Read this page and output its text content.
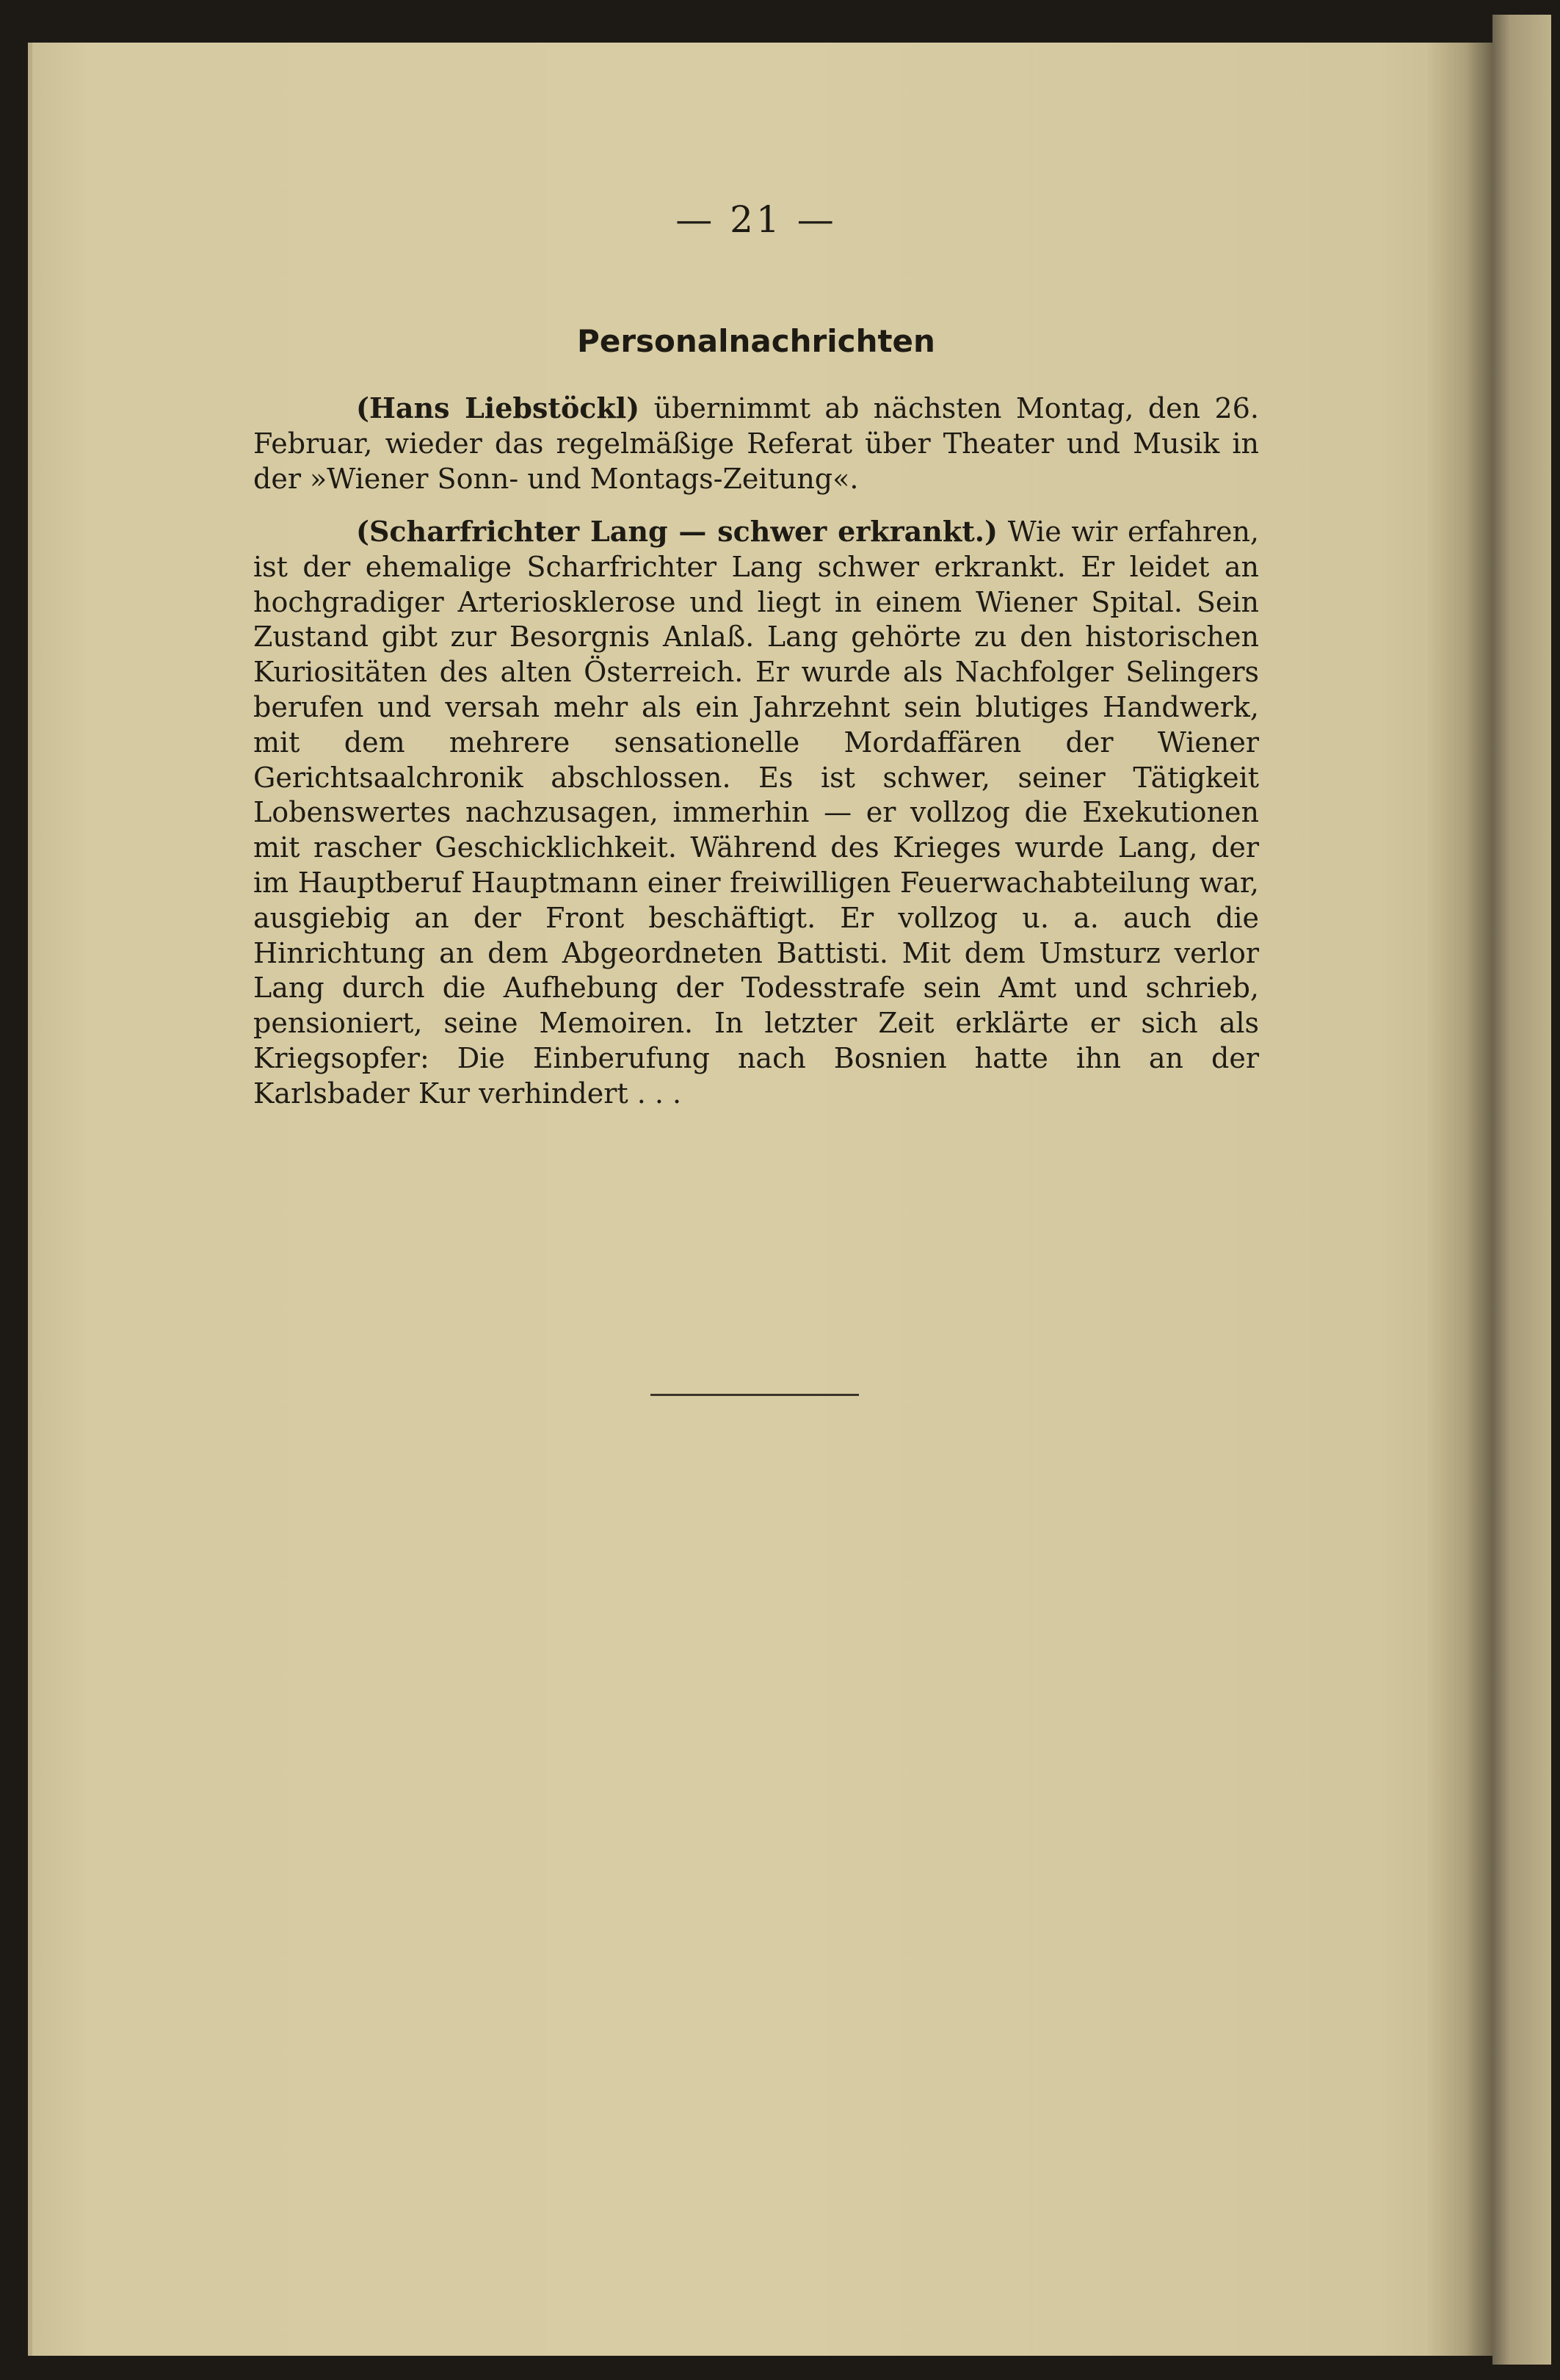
— 21 —
Personalnachrichten

(Hans Liebstöckl) übernimmt ab nächsten Montag, den 26. Februar, wieder das regelmäßige Referat über Theater und Musik in der »Wiener Sonn- und Montags-Zeitung«.

(Scharfrichter Lang — schwer erkrankt.) Wie wir erfahren, ist der ehemalige Scharfrichter Lang schwer erkrankt. Er leidet an hochgradiger Arteriosklerose und liegt in einem Wiener Spital. Sein Zustand gibt zur Besorgnis Anlaß. Lang gehörte zu den historischen Kuriositäten des alten Österreich. Er wurde als Nachfolger Selingers berufen und versah mehr als ein Jahrzehnt sein blutiges Handwerk, mit dem mehrere sensationelle Mordaffären der Wiener Gerichtsaalchronik abschlossen. Es ist schwer, seiner Tätigkeit Lobenswertes nachzusagen, immerhin — er vollzog die Exekutionen mit rascher Geschicklichkeit. Während des Krieges wurde Lang, der im Hauptberuf Hauptmann einer freiwilligen Feuerwachabteilung war, ausgiebig an der Front beschäftigt. Er vollzog u. a. auch die Hinrichtung an dem Abgeordneten Battisti. Mit dem Umsturz verlor Lang durch die Aufhebung der Todesstrafe sein Amt und schrieb, pensioniert, seine Memoiren. In letzter Zeit erklärte er sich als Kriegsopfer: Die Einberufung nach Bosnien hatte ihn an der Karlsbader Kur verhindert . . .
